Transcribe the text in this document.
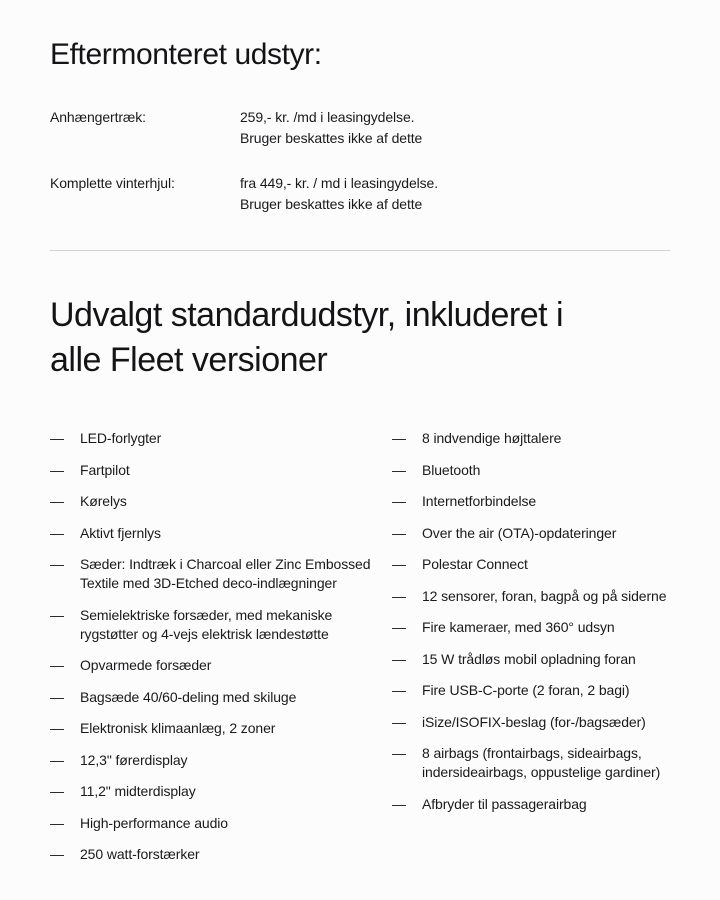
Eftermonteret udstyr:
Anhængertræk:	259,- kr. /md i leasingydelse.
Bruger beskattes ikke af dette
Komplette vinterhjul:	fra 449,- kr. / md i leasingydelse.
Bruger beskattes ikke af dette
Udvalgt standardudstyr, inkluderet i
alle Fleet versioner
—	LED-forlygter
—	Fartpilot
—	Kørelys
—	Aktivt fjernlys
—	Sæder: Indtræk i Charcoal eller Zinc Embossed Textile med 3D-Etched deco-indlægninger
—	Semielektriske forsæder, med mekaniske rygstøtter og 4-vejs elektrisk lændestøtte
—	Opvarmede forsæder
—	Bagsæde 40/60-deling med skiluge
—	Elektronisk klimaanlæg, 2 zoner
—	12,3" førerdisplay
—	11,2" midterdisplay
—	High-performance audio
—	250 watt-forstærker
—	8 indvendige højttalere
—	Bluetooth
—	Internetforbindelse
—	Over the air (OTA)-opdateringer
—	Polestar Connect
—	12 sensorer, foran, bagpå og på siderne
—	Fire kameraer, med 360° udsyn
—	15 W trådløs mobil opladning foran
—	Fire USB-C-porte (2 foran, 2 bagi)
—	iSize/ISOFIX-beslag (for-/bagsæder)
—	8 airbags (frontairbags, sideairbags, indersideairbags, oppustelige gardiner)
—	Afbryder til passagerairbag
